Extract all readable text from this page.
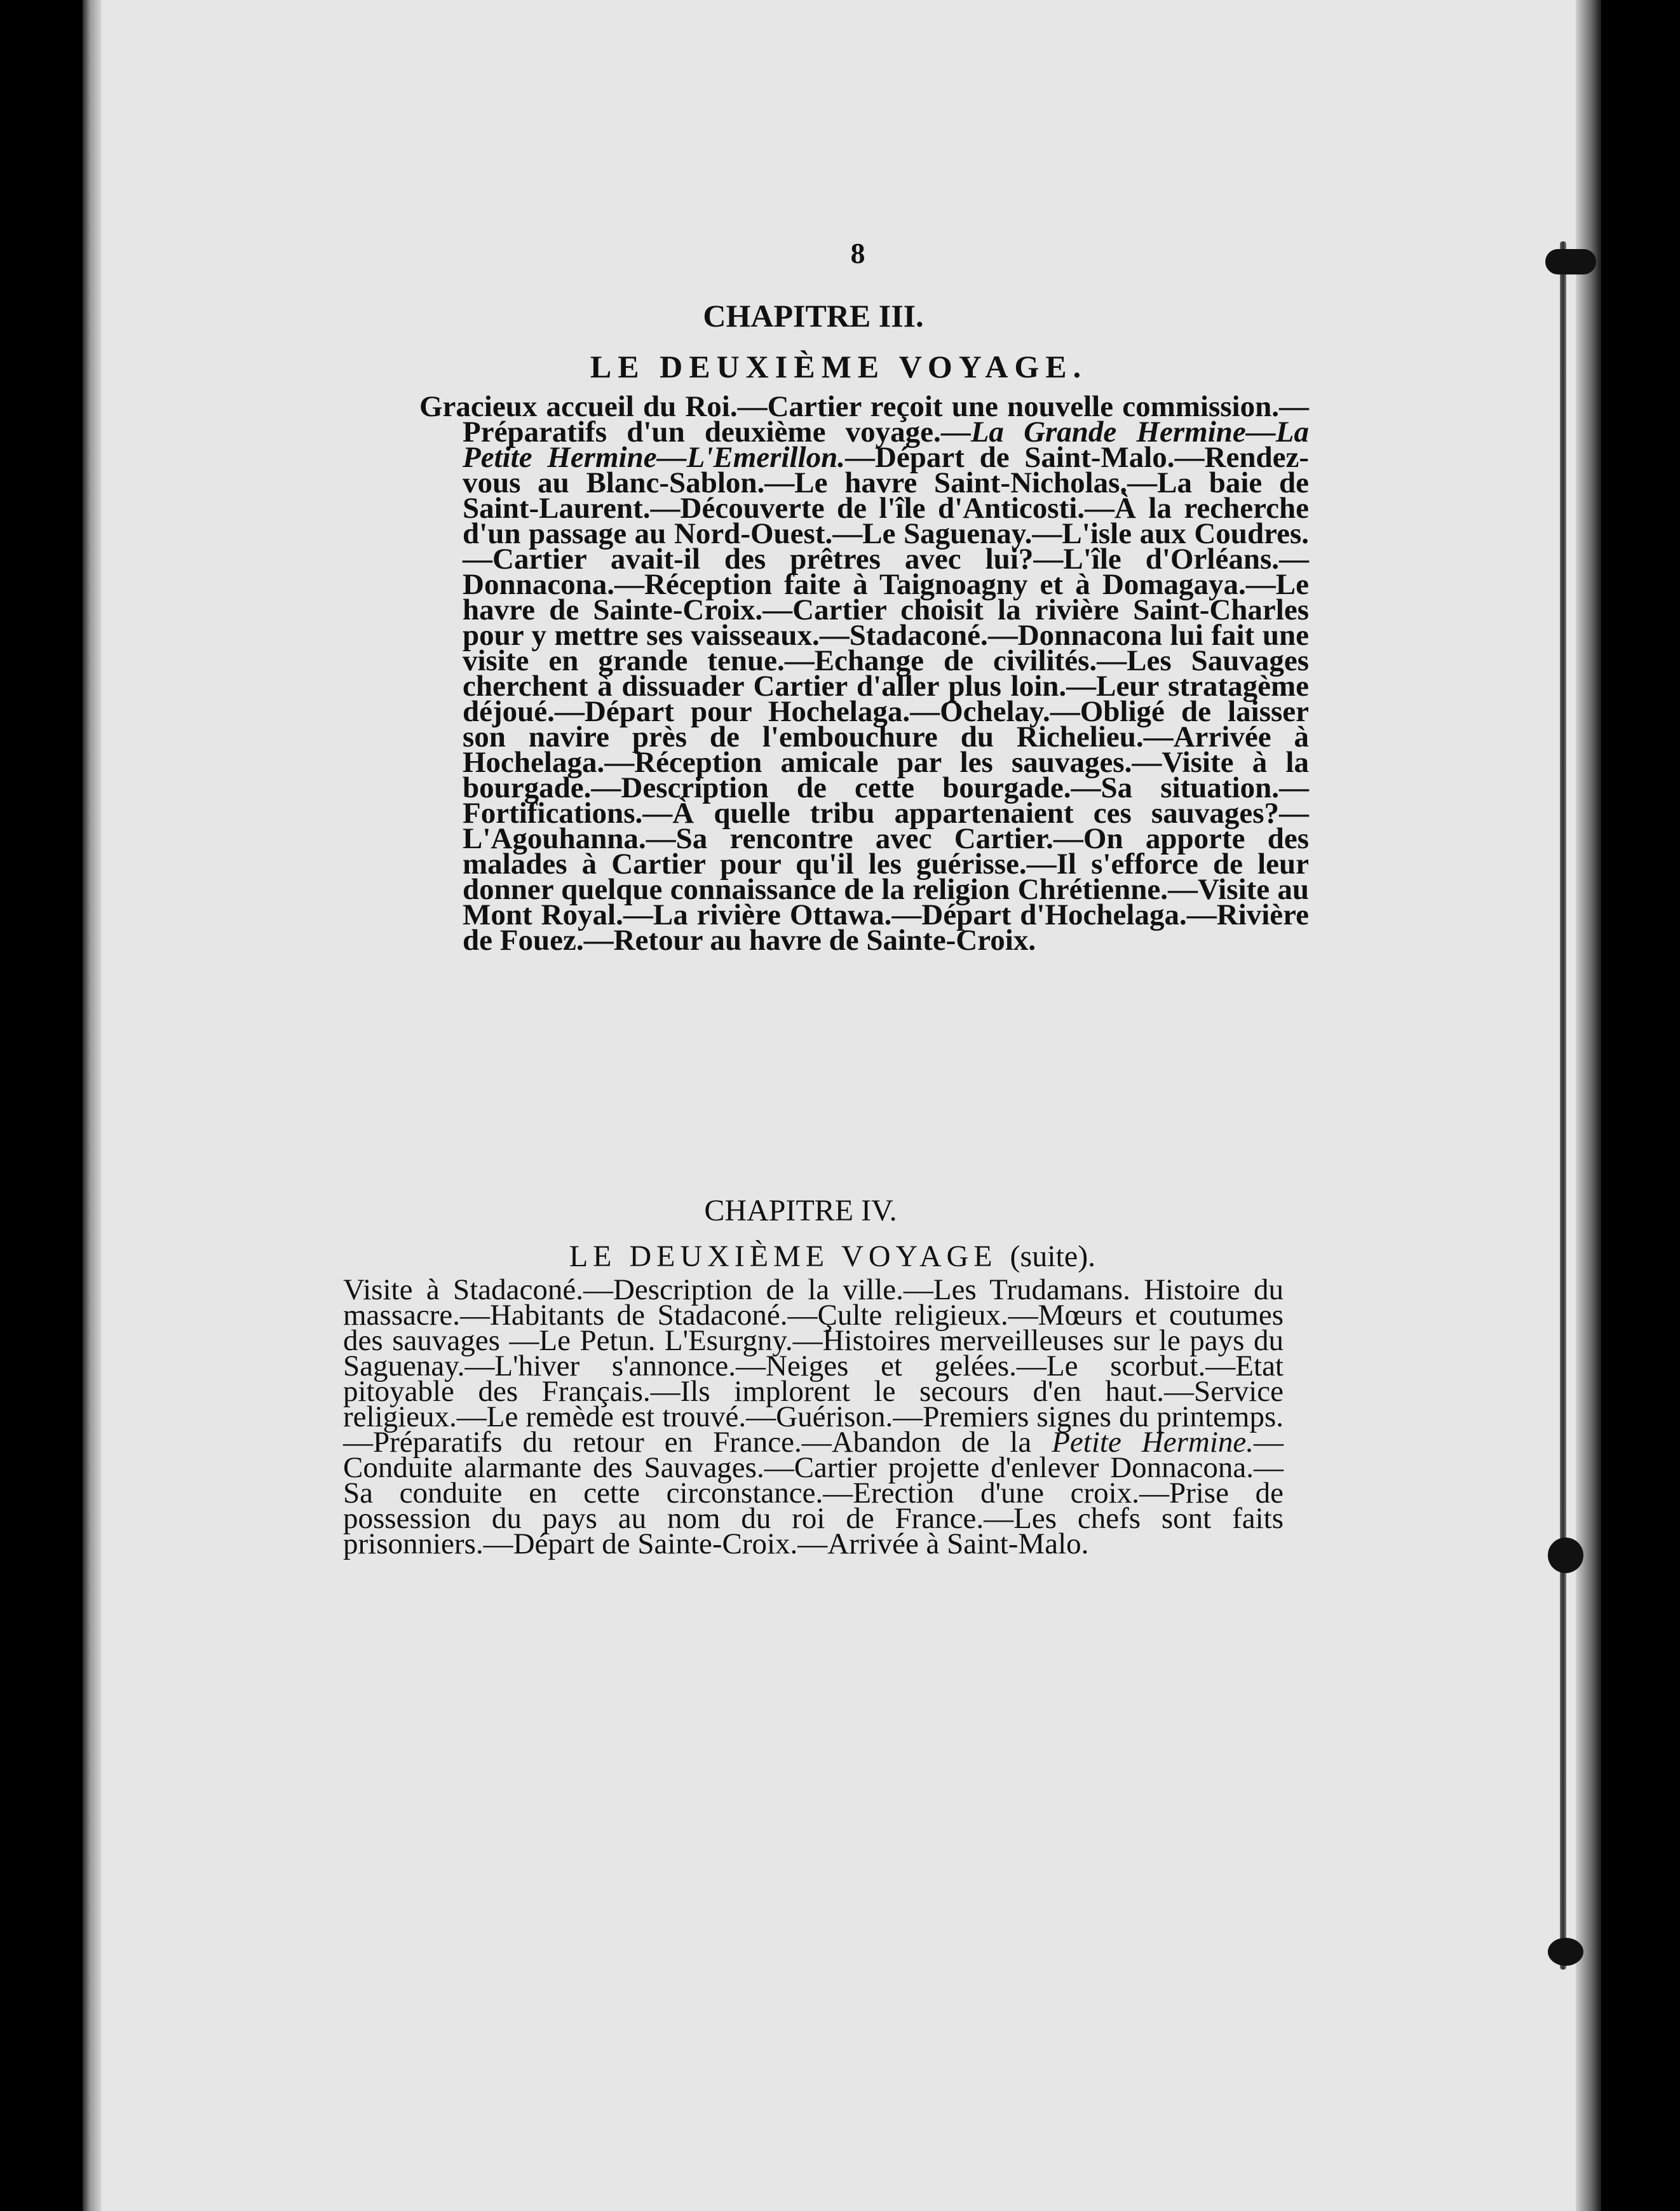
8
CHAPITRE III.
LE DEUXIÈME VOYAGE.

Gracieux accueil du Roi.—Cartier reçoit une nouvelle commission.—Préparatifs d'un deuxième voyage.—La Grande Hermine—La Petite Hermine—L'Emerillon.—Départ de Saint-Malo.—Rendez-vous au Blanc-Sablon.—Le havre Saint-Nicholas.—La baie de Saint-Laurent.—Découverte de l'île d'Anticosti.—À la recherche d'un passage au Nord-Ouest.—Le Saguenay.—L'isle aux Coudres.—Cartier avait-il des prêtres avec lui?—L'île d'Orléans.—Donnacona.—Réception faite à Taignoagny et à Domagaya.—Le havre de Sainte-Croix.—Cartier choisit la rivière Saint-Charles pour y mettre ses vaisseaux.—Stadaconé.—Donnacona lui fait une visite en grande tenue.—Echange de civilités.—Les Sauvages cherchent à dissuader Cartier d'aller plus loin.—Leur stratagème déjoué.—Départ pour Hochelaga.—Ochelay.—Obligé de laisser son navire près de l'embouchure du Richelieu.—Arrivée à Hochelaga.—Réception amicale par les sauvages.—Visite à la bourgade.—Description de cette bourgade.—Sa situation.—Fortifications.—À quelle tribu appartenaient ces sauvages?—L'Agouhanna.—Sa rencontre avec Cartier.—On apporte des malades à Cartier pour qu'il les guérisse.—Il s'efforce de leur donner quelque connaissance de la religion Chrétienne.—Visite au Mont Royal.—La rivière Ottawa.—Départ d'Hochelaga.—Rivière de Fouez.—Retour au havre de Sainte-Croix.

CHAPITRE IV.
LE DEUXIÈME VOYAGE (suite).

Visite à Stadaconé.—Description de la ville.—Les Trudamans. Histoire du massacre.—Habitants de Stadaconé.—Çulte religieux.—Mœurs et coutumes des sauvages —Le Petun. L'Esurgny.—Histoires merveilleuses sur le pays du Saguenay.—L'hiver s'annonce.—Neiges et gelées.—Le scorbut.—Etat pitoyable des Français.—Ils implorent le secours d'en haut.—Service religieux.—Le remède est trouvé.—Guérison.—Premiers signes du printemps.—Préparatifs du retour en France.—Abandon de la Petite Hermine.—Conduite alarmante des Sauvages.—Cartier projette d'enlever Donnacona.—Sa conduite en cette circonstance.—Erection d'une croix.—Prise de possession du pays au nom du roi de France.—Les chefs sont faits prisonniers.—Départ de Sainte-Croix.—Arrivée à Saint-Malo.
